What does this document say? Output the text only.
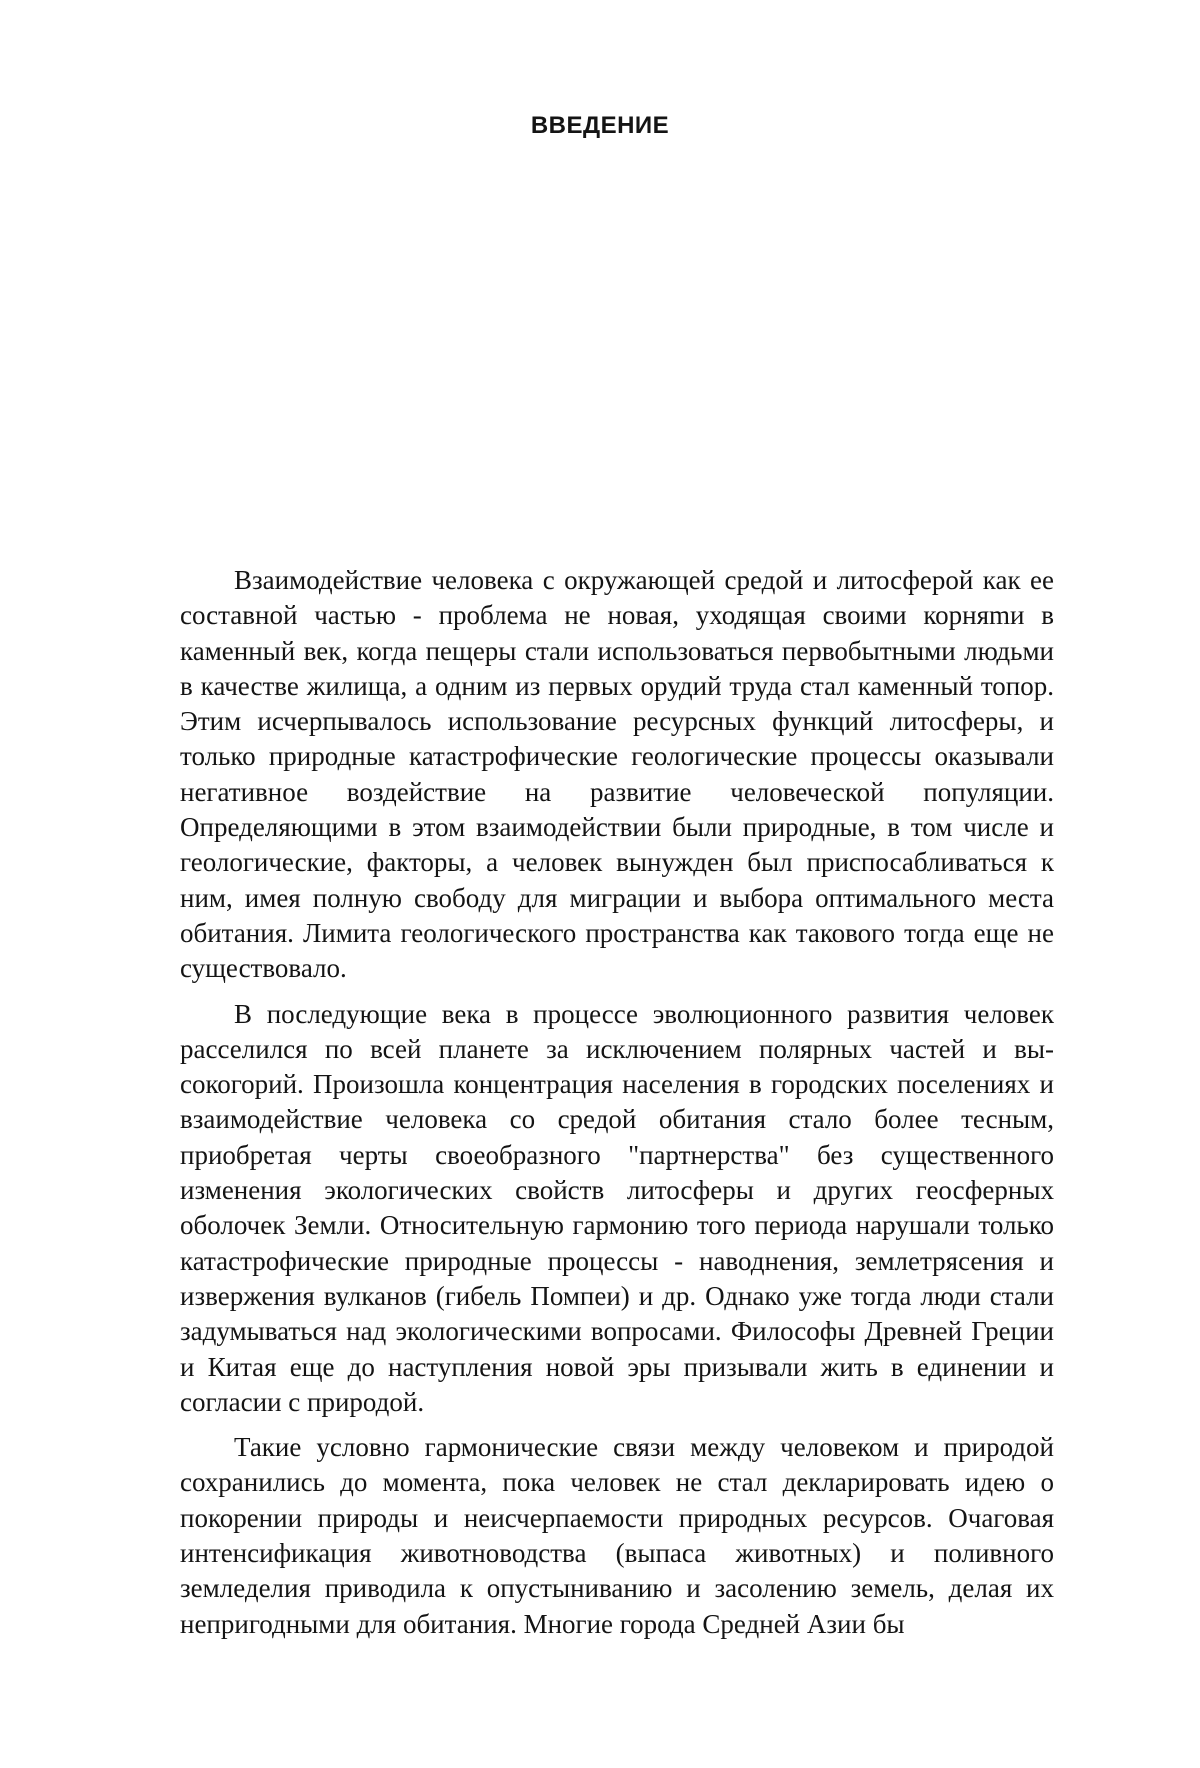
ВВЕДЕНИЕ

Взаимодействие человека с окружающей средой и литосферой как ее составной частью - проблема не новая, уходящая своими корняmи в каменный век, когда пещеры стали использоваться первобытными людьми в качестве жилища, а одним из первых орудий труда стал каменный топор. Этим исчерпывалось использование ресурсных функций литосферы, и только природные катастрофические геологические процессы оказывали негативное воздействие на развитие человеческой популяции. Определяющими в этом взаимодействии были природные, в том числе и геологические, факторы, а человек вынужден был приспосабливаться к ним, имея полную свободу для миграции и выбора оптимального места обитания. Лимита геологического пространства как такового тогда еще не существовало.

В последующие века в процессе эволюционного развития человек расселился по всей планете за исключением полярных частей и высокогорий. Произошла концентрация населения в городских поселениях и взаимодействие человека со средой обитания стало более тесным, приобретая черты своеобразного "партнерства" без существенного изменения экологических свойств литосферы и других геосферных оболочек Земли. Относительную гармонию того периода нарушали только катастрофические природные процессы - наводнения, землетрясения и извержения вулканов (гибель Помпеи) и др. Однако уже тогда люди стали задумываться над экологическими вопросами. Философы Древней Греции и Китая еще до наступления новой эры призывали жить в единении и согласии с природой.

Такие условно гармонические связи между человеком и природой сохранились до момента, пока человек не стал декларировать идею о покорении природы и неисчерпаемости природных ресурсов. Очаговая интенсификация животноводства (выпаса животных) и поливного земледелия приводила к опустыниванию и засолению земель, делая их непригодными для обитания. Многие города Средней Азии бы
